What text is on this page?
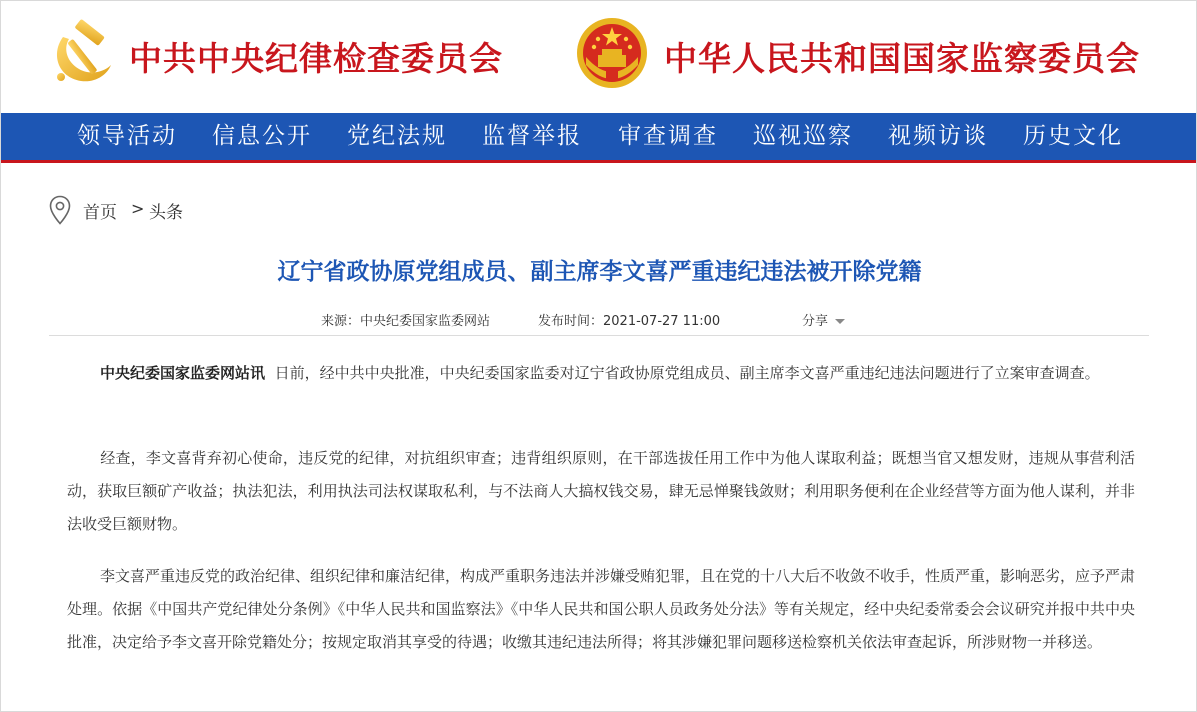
中共中央纪律检查委员会	中华人民共和国国家监察委员会
领导活动 信息公开 党纪法规 监督举报 审查调查 巡视巡察 视频访谈 历史文化
首页 > 头条
辽宁省政协原党组成员、副主席李文喜严重违纪违法被开除党籍
来源：中央纪委国家监委网站	发布时间：2021-07-27 11:00	分享
中央纪委国家监委网站讯 日前，经中共中央批准，中央纪委国家监委对辽宁省政协原党组成员、副主席李文喜严重违纪违法问题进行了立案审查调查。
经查，李文喜背弃初心使命，违反党的纪律，对抗组织审查；违背组织原则，在干部选拔任用工作中为他人谋取利益；既想当官又想发财，违规从事营利活动，获取巨额矿产收益；执法犯法，利用执法司法权谋取私利，与不法商人大搞权钱交易，肆无忌惮聚钱敛财；利用职务便利在企业经营等方面为他人谋利，并非法收受巨额财物。
李文喜严重违反党的政治纪律、组织纪律和廉洁纪律，构成严重职务违法并涉嫌受贿犯罪，且在党的十八大后不收敛不收手，性质严重，影响恶劣，应予严肃处理。依据《中国共产党纪律处分条例》《中华人民共和国监察法》《中华人民共和国公职人员政务处分法》等有关规定，经中央纪委常委会会议研究并报中共中央批准，决定给予李文喜开除党籍处分；按规定取消其享受的待遇；收缴其违纪违法所得；将其涉嫌犯罪问题移送检察机关依法审查起诉，所涉财物一并移送。
